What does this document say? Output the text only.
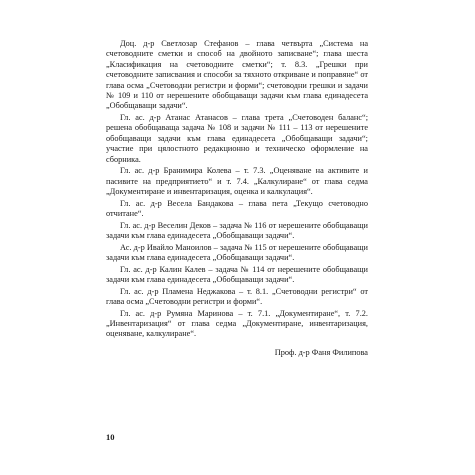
Доц. д-р Светлозар Стефанов – глава четвърта „Система на счетоводните сметки и способ на двойното записване“; глава шеста „Класификация на счетоводните сметки“; т. 8.3. „Грешки при счетоводните записвания и способи за тяхното откриване и поправяне“ от глава осма „Счетоводни регистри и форми“; счетоводни грешки и задачи № 109 и 110 от нерешените обобщаващи задачи към глава единадесета „Обобщаващи задачи“.

Гл. ас. д-р Атанас Атанасов – глава трета „Счетоводен баланс“; решена обобщаваща задача № 108 и задачи № 111 – 113 от нерешените обобщаващи задачи към глава единадесета „Обобщаващи задачи“; участие при цялостното редакционно и техническо оформление на сборника.

Гл. ас. д-р Бранимира Колева – т. 7.3. „Оценяване на активите и пасивите на предприятието“ и т. 7.4. „Калкулиране“ от глава седма „Документиране и инвентаризация, оценка и калкулация“.

Гл. ас. д-р Весела Бандакова – глава пета „Текущо счетоводно отчитане“.

Гл. ас. д-р Веселин Деков – задача № 116 от нерешените обобщаващи задачи към глава единадесета „Обобщаващи задачи“.

Ас. д-р Ивайло Маноилов – задача № 115 от нерешените обобщаващи задачи към глава единадесета „Обобщаващи задачи“.

Гл. ас. д-р Калин Калев – задача № 114 от нерешените обобщаващи задачи към глава единадесета „Обобщаващи задачи“.

Гл. ас. д-р Пламена Неджакова – т. 8.1. „Счетоводни регистри“ от глава осма „Счетоводни регистри и форми“.

Гл. ас. д-р Румяна Маринова – т. 7.1. „Документиране“, т. 7.2. „Инвентаризация“ от глава седма „Документиране, инвентаризация, оценяване, калкулиране“.

Проф. д-р Фаня Филипова

10
